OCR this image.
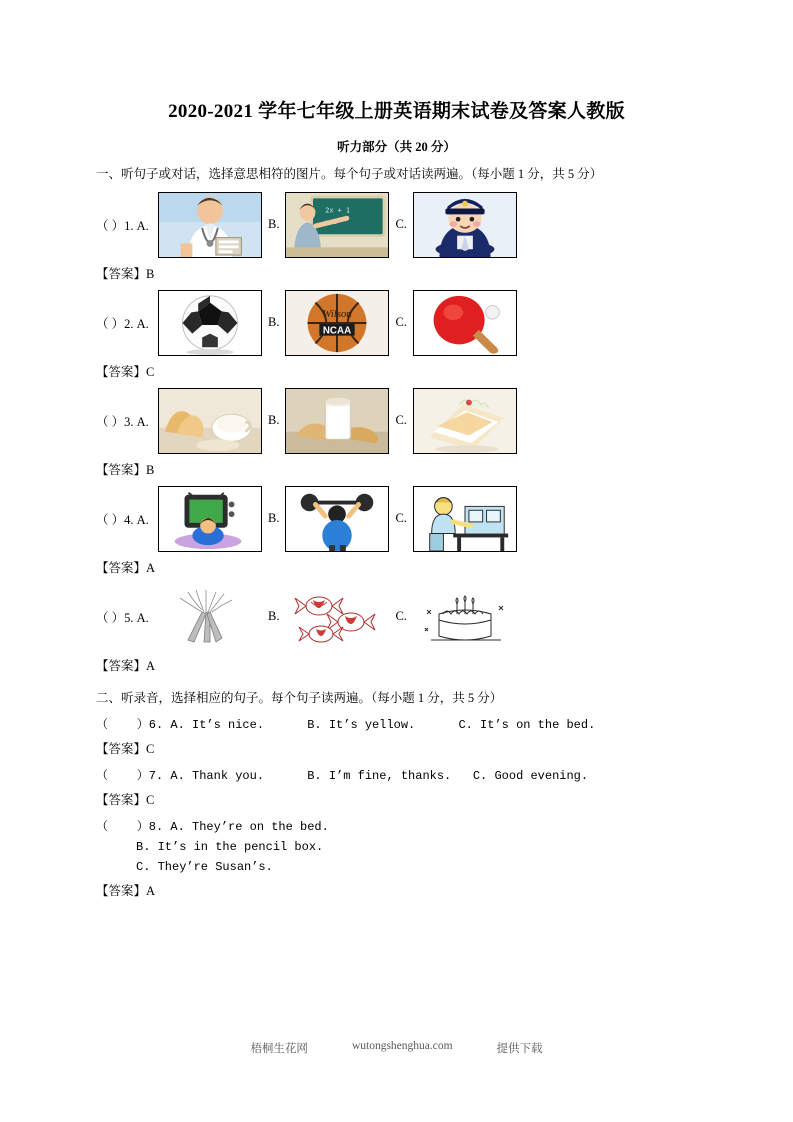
2020-2021 学年七年级上册英语期末试卷及答案人教版
听力部分（共 20 分）
一、听句子或对话，选择意思相符的图片。每个句子或对话读两遍。（每小题 1 分，共 5 分）
（ ）1. A.	B.
2x + 1
C.
【答案】B
（ ）2. A.	B.
Wilson
NCAA
C.
【答案】C
（ ）3. A.	B.	C.
【答案】B
（ ）4. A.	B.	C.
【答案】A
（ ）5. A.	B.	C.
【答案】A
二、听录音，选择相应的句子。每个句子读两遍。（每小题 1 分，共 5 分）
（    ）6. A. It’s nice.      B. It’s yellow.      C. It’s on the bed.
【答案】C
（    ）7. A. Thank you.      B. I’m fine, thanks.   C. Good evening.
【答案】C
（    ）8. A. They’re on the bed.
B. It’s in the pencil box.
C. They’re Susan’s.
【答案】A
梧桐生花网	wutongshenghua.com	提供下载
